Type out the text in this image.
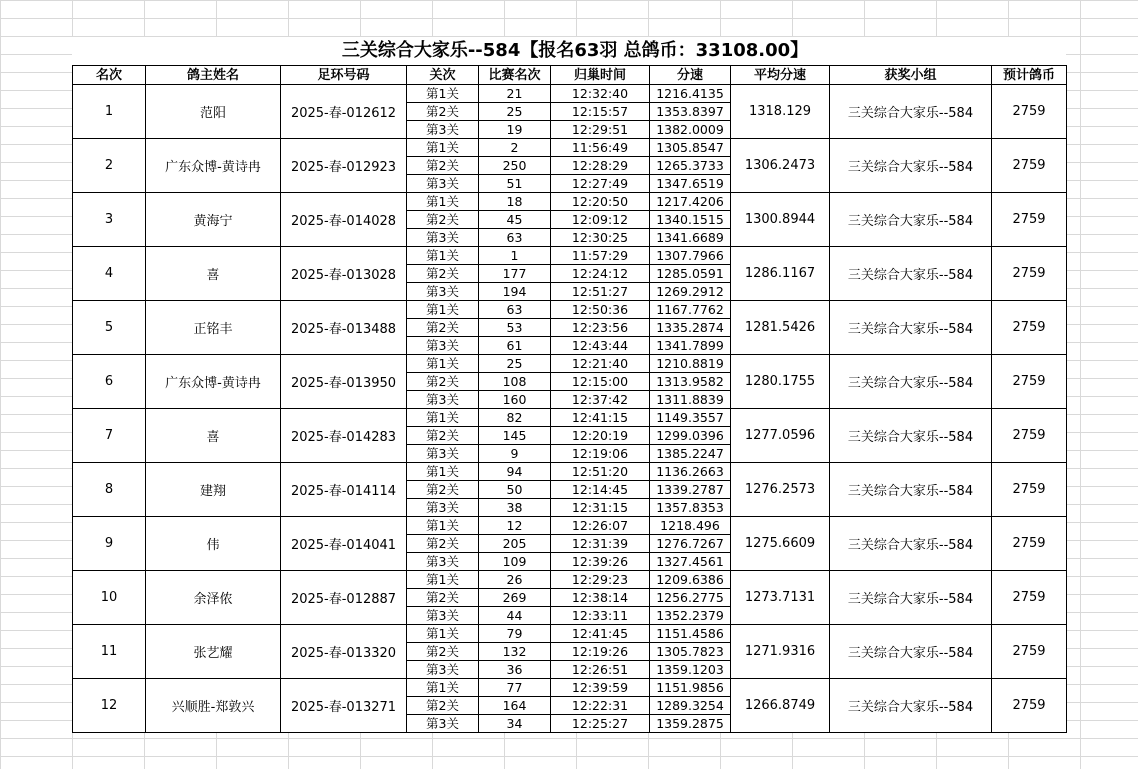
三关综合大家乐--584【报名63羽 总鸽币：33108.00】
名次	鸽主姓名	足环号码	关次	比赛名次	归巢时间	分速	平均分速	获奖小组	预计鸽币
1	范阳	2025-春-012612	第1关	21	12:32:40	1216.4135	1318.129	三关综合大家乐--584	2759
			第2关	25	12:15:57	1353.8397			
			第3关	19	12:29:51	1382.0009			
2	广东众博-黄诗冉	2025-春-012923	第1关	2	11:56:49	1305.8547	1306.2473	三关综合大家乐--584	2759
			第2关	250	12:28:29	1265.3733			
			第3关	51	12:27:49	1347.6519			
3	黄海宁	2025-春-014028	第1关	18	12:20:50	1217.4206	1300.8944	三关综合大家乐--584	2759
			第2关	45	12:09:12	1340.1515			
			第3关	63	12:30:25	1341.6689			
4	喜	2025-春-013028	第1关	1	11:57:29	1307.7966	1286.1167	三关综合大家乐--584	2759
			第2关	177	12:24:12	1285.0591			
			第3关	194	12:51:27	1269.2912			
5	正铭丰	2025-春-013488	第1关	63	12:50:36	1167.7762	1281.5426	三关综合大家乐--584	2759
			第2关	53	12:23:56	1335.2874			
			第3关	61	12:43:44	1341.7899			
6	广东众博-黄诗冉	2025-春-013950	第1关	25	12:21:40	1210.8819	1280.1755	三关综合大家乐--584	2759
			第2关	108	12:15:00	1313.9582			
			第3关	160	12:37:42	1311.8839			
7	喜	2025-春-014283	第1关	82	12:41:15	1149.3557	1277.0596	三关综合大家乐--584	2759
			第2关	145	12:20:19	1299.0396			
			第3关	9	12:19:06	1385.2247			
8	建翔	2025-春-014114	第1关	94	12:51:20	1136.2663	1276.2573	三关综合大家乐--584	2759
			第2关	50	12:14:45	1339.2787			
			第3关	38	12:31:15	1357.8353			
9	伟	2025-春-014041	第1关	12	12:26:07	1218.496	1275.6609	三关综合大家乐--584	2759
			第2关	205	12:31:39	1276.7267			
			第3关	109	12:39:26	1327.4561			
10	余泽侬	2025-春-012887	第1关	26	12:29:23	1209.6386	1273.7131	三关综合大家乐--584	2759
			第2关	269	12:38:14	1256.2775			
			第3关	44	12:33:11	1352.2379			
11	张艺耀	2025-春-013320	第1关	79	12:41:45	1151.4586	1271.9316	三关综合大家乐--584	2759
			第2关	132	12:19:26	1305.7823			
			第3关	36	12:26:51	1359.1203			
12	兴顺胜-郑敦兴	2025-春-013271	第1关	77	12:39:59	1151.9856	1266.8749	三关综合大家乐--584	2759
			第2关	164	12:22:31	1289.3254			
			第3关	34	12:25:27	1359.2875			
